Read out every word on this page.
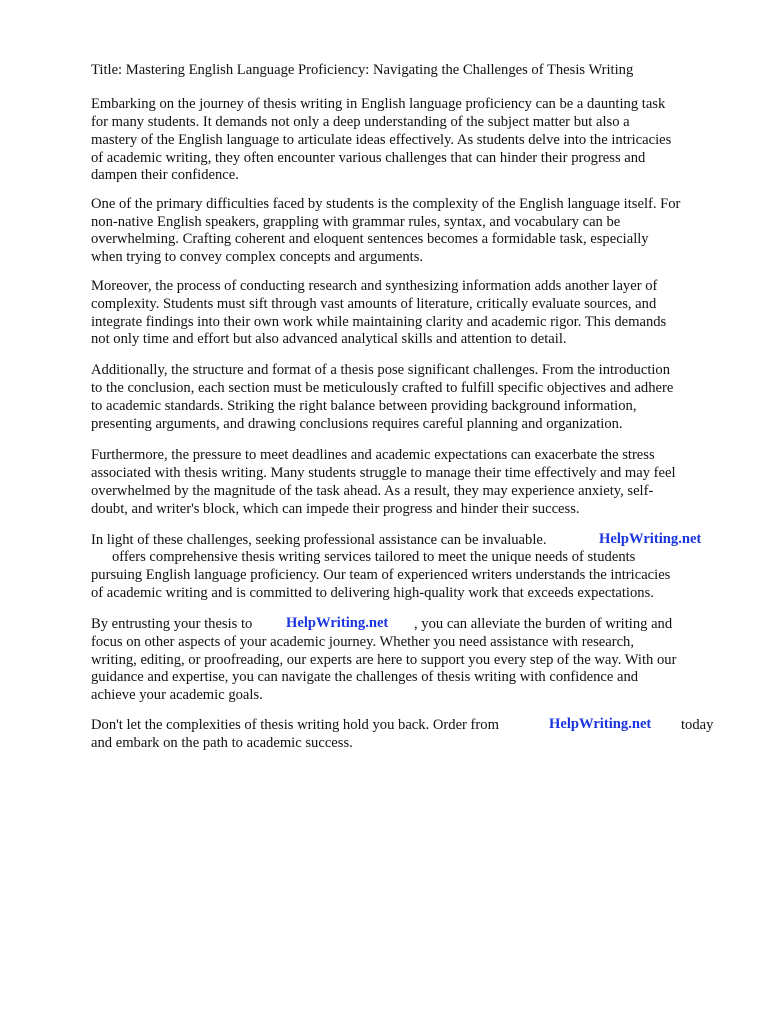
Title: Mastering English Language Proficiency: Navigating the Challenges of Thesis Writing

Embarking on the journey of thesis writing in English language proficiency can be a daunting task

for many students. It demands not only a deep understanding of the subject matter but also a

mastery of the English language to articulate ideas effectively. As students delve into the intricacies

of academic writing, they often encounter various challenges that can hinder their progress and

dampen their confidence.

One of the primary difficulties faced by students is the complexity of the English language itself. For

non-native English speakers, grappling with grammar rules, syntax, and vocabulary can be

overwhelming. Crafting coherent and eloquent sentences becomes a formidable task, especially

when trying to convey complex concepts and arguments.

Moreover, the process of conducting research and synthesizing information adds another layer of

complexity. Students must sift through vast amounts of literature, critically evaluate sources, and

integrate findings into their own work while maintaining clarity and academic rigor. This demands

not only time and effort but also advanced analytical skills and attention to detail.

Additionally, the structure and format of a thesis pose significant challenges. From the introduction

to the conclusion, each section must be meticulously crafted to fulfill specific objectives and adhere

to academic standards. Striking the right balance between providing background information,

presenting arguments, and drawing conclusions requires careful planning and organization.

Furthermore, the pressure to meet deadlines and academic expectations can exacerbate the stress

associated with thesis writing. Many students struggle to manage their time effectively and may feel

overwhelmed by the magnitude of the task ahead. As a result, they may experience anxiety, self-

doubt, and writer's block, which can impede their progress and hinder their success.

In light of these challenges, seeking professional assistance can be invaluable.	HelpWriting.net

offers comprehensive thesis writing services tailored to meet the unique needs of students

pursuing English language proficiency. Our team of experienced writers understands the intricacies

of academic writing and is committed to delivering high-quality work that exceeds expectations.

By entrusting your thesis to HelpWriting.net , you can alleviate the burden of writing and

focus on other aspects of your academic journey. Whether you need assistance with research,

writing, editing, or proofreading, our experts are here to support you every step of the way. With our

guidance and expertise, you can navigate the challenges of thesis writing with confidence and

achieve your academic goals.

Don't let the complexities of thesis writing hold you back. Order from	HelpWriting.net today

and embark on the path to academic success.
